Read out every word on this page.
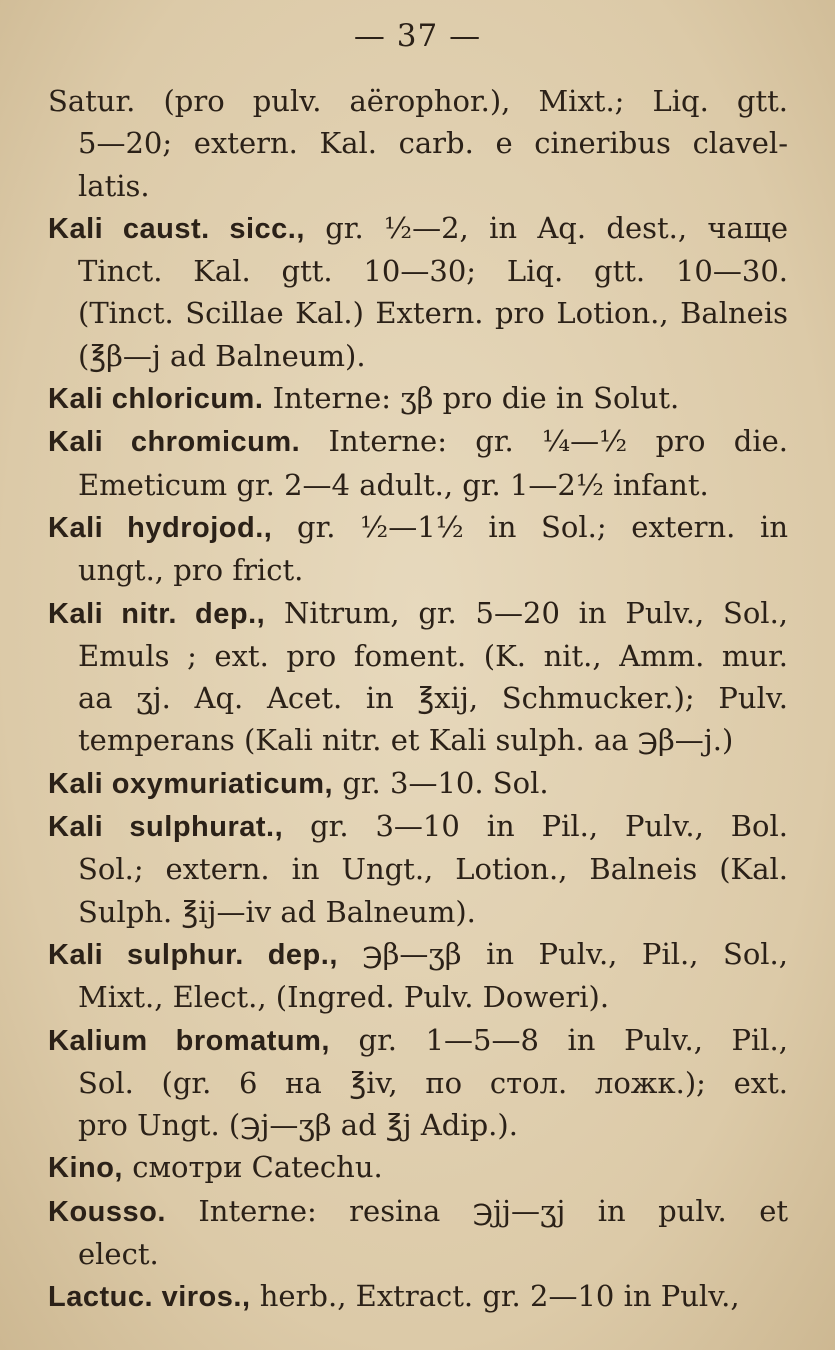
— 37 —
Satur. (pro pulv. aërophor.), Mixt.; Liq. gtt.
5—20; extern. Kal. carb. e cineribus clavel-
latis.
Kali caust. sicc., gr. ½—2, in Aq. dest., чаще
Tinct. Kal. gtt. 10—30; Liq. gtt. 10—30.
(Tinct. Scillae Kal.) Extern. pro Lotion., Balneis
(℥β—j ad Balneum).
Kali chloricum. Interne: ʒβ pro die in Solut.
Kali chromicum. Interne: gr. ¼—½ pro die.
Emeticum gr. 2—4 adult., gr. 1—2½ infant.
Kali hydrojod., gr. ½—1½ in Sol.; extern. in
ungt., pro frict.
Kali nitr. dep., Nitrum, gr. 5—20 in Pulv., Sol.,
Emuls ; ext. pro foment. (K. nit., Amm. mur.
aa ʒj. Aq. Acet. in ℥xij, Schmucker.); Pulv.
temperans (Kali nitr. et Kali sulph. aa ℈β—j.)
Kali oxymuriaticum, gr. 3—10. Sol.
Kali sulphurat., gr. 3—10 in Pil., Pulv., Bol.
Sol.; extern. in Ungt., Lotion., Balneis (Kal.
Sulph. ℥ij—iv ad Balneum).
Kali sulphur. dep., ℈β—ʒβ in Pulv., Pil., Sol.,
Mixt., Elect., (Ingred. Pulv. Doweri).
Kalium bromatum, gr. 1—5—8 in Pulv., Pil.,
Sol. (gr. 6 на ℥iv, по стол. ложк.); ext.
pro Ungt. (℈j—ʒβ ad ℥j Adip.).
Kino, смотри Catechu.
Kousso. Interne: resina ℈jj—ʒj in pulv. et
elect.
Lactuc. viros., herb., Extract. gr. 2—10 in Pulv.,
